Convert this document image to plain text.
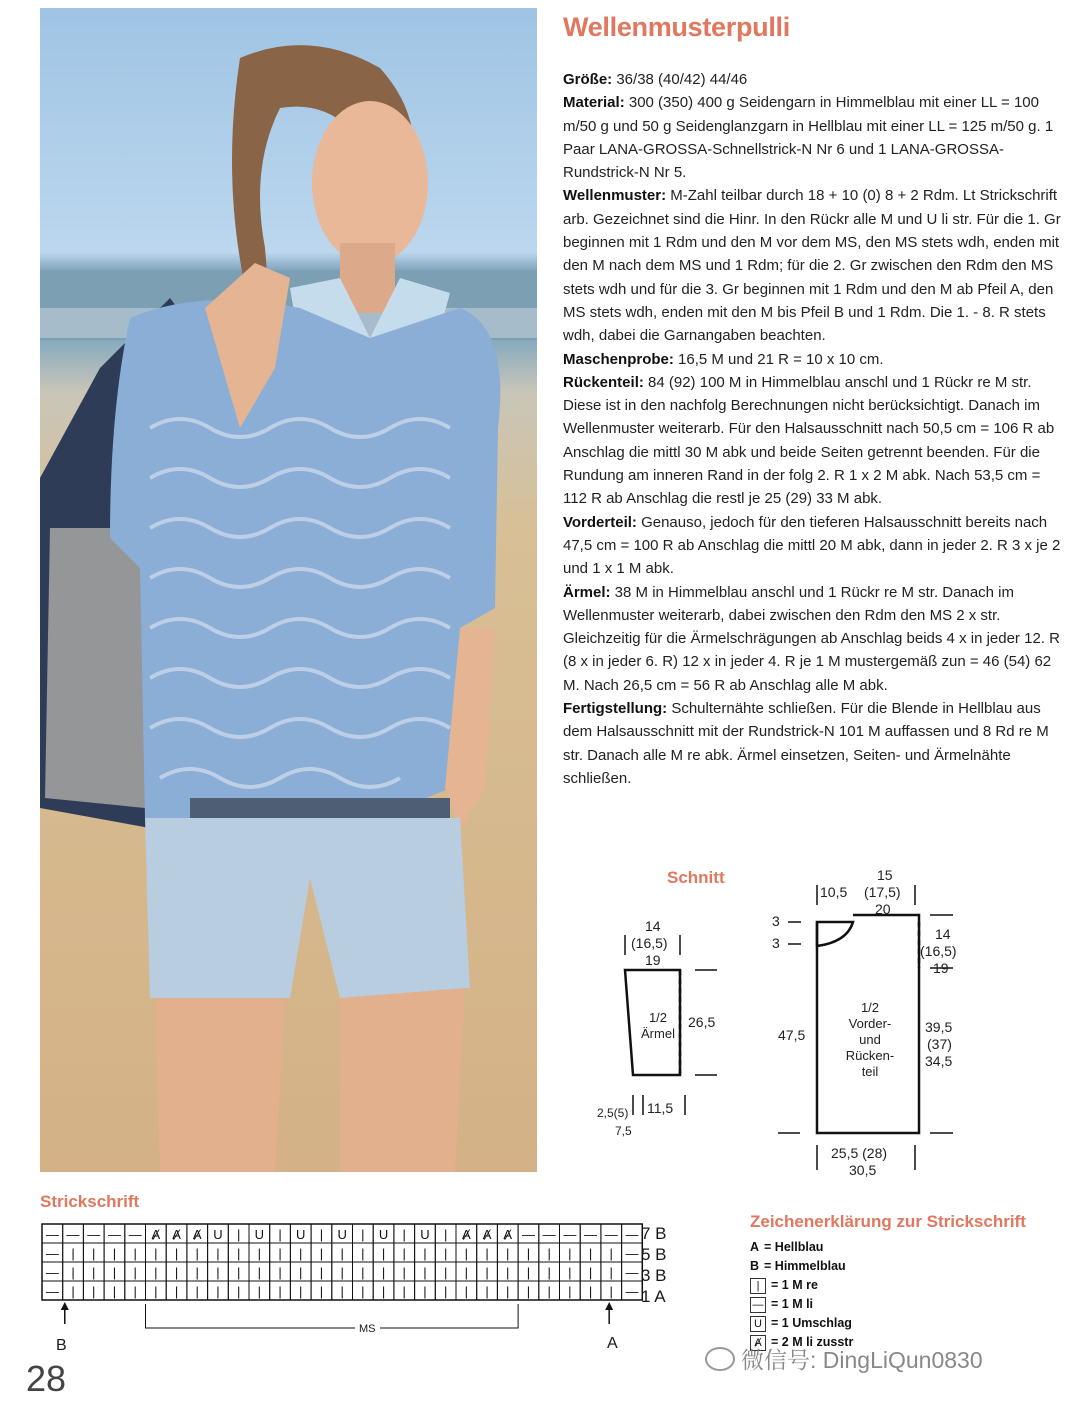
Wellenmusterpulli

Größe: 36/38 (40/42) 44/46

Material: 300 (350) 400 g Seidengarn in Himmelblau mit einer LL = 100 m/50 g und 50 g Seidenglanzgarn in Hellblau mit einer LL = 125 m/50 g. 1 Paar LANA-GROSSA-Schnellstrick-N Nr 6 und 1 LANA-GROSSA-Rundstrick-N Nr 5.

Wellenmuster: M-Zahl teilbar durch 18 + 10 (0) 8 + 2 Rdm. Lt Strickschrift arb. Gezeichnet sind die Hinr. In den Rückr alle M und U li str. Für die 1. Gr beginnen mit 1 Rdm und den M vor dem MS, den MS stets wdh, enden mit den M nach dem MS und 1 Rdm; für die 2. Gr zwischen den Rdm den MS stets wdh und für die 3. Gr beginnen mit 1 Rdm und den M ab Pfeil A, den MS stets wdh, enden mit den M bis Pfeil B und 1 Rdm. Die 1. - 8. R stets wdh, dabei die Garnangaben beachten.

Maschenprobe: 16,5 M und 21 R = 10 x 10 cm.

Rückenteil: 84 (92) 100 M in Himmelblau anschl und 1 Rückr re M str. Diese ist in den nachfolg Berechnungen nicht berücksichtigt. Danach im Wellenmuster weiterarb. Für den Halsausschnitt nach 50,5 cm = 106 R ab Anschlag die mittl 30 M abk und beide Seiten getrennt beenden. Für die Rundung am inneren Rand in der folg 2. R 1 x 2 M abk. Nach 53,5 cm = 112 R ab Anschlag die restl je 25 (29) 33 M abk.

Vorderteil: Genauso, jedoch für den tieferen Halsausschnitt bereits nach 47,5 cm = 100 R ab Anschlag die mittl 20 M abk, dann in jeder 2. R 3 x je 2 und 1 x 1 M abk.

Ärmel: 38 M in Himmelblau anschl und 1 Rückr re M str. Danach im Wellenmuster weiterarb, dabei zwischen den Rdm den MS 2 x str. Gleichzeitig für die Ärmelschrägungen ab Anschlag beids 4 x in jeder 12. R (8 x in jeder 6. R) 12 x in jeder 4. R je 1 M mustergemäß zun = 46 (54) 62 M. Nach 26,5 cm = 56 R ab Anschlag alle M abk.

Fertigstellung: Schulternähte schließen. Für die Blende in Hellblau aus dem Halsausschnitt mit der Rundstrick-N 101 M auffassen und 8 Rd re M str. Danach alle M re abk. Ärmel einsetzen, Seiten- und Ärmelnähte schließen.

Schnitt
14
(16,5)
19
1/2
Ärmel
26,5
2,5(5)
7,5
11,5
15
10,5 (17,5)
20
3
3
14
(16,5)
19
1/2
Vorder-
und
Rücken-
teil
47,5	39,5
(37)
34,5
25,5 (28)
30,5
Strickschrift
— — — — — Ⱥ Ⱥ Ⱥ U | U | U | U | U | U | Ⱥ Ⱥ Ⱥ — — — — — —
— | | | | | | | | | | | | | | | | | | | | | | | | | | | —
— | | | | | | | | | | | | | | | | | | | | | | | | | | | —
— | | | | | | | | | | | | | | | | | | | | | | | | | | | —
7 B
5 B
3 B
1 A
B	A
MS
Zeichenerklärung zur Strickschrift
A = Hellblau
B = Himmelblau
| = 1 M re
— = 1 M li
U = 1 Umschlag
Ⱥ = 2 M li zusstr
28	微信号: DingLiQun0830
